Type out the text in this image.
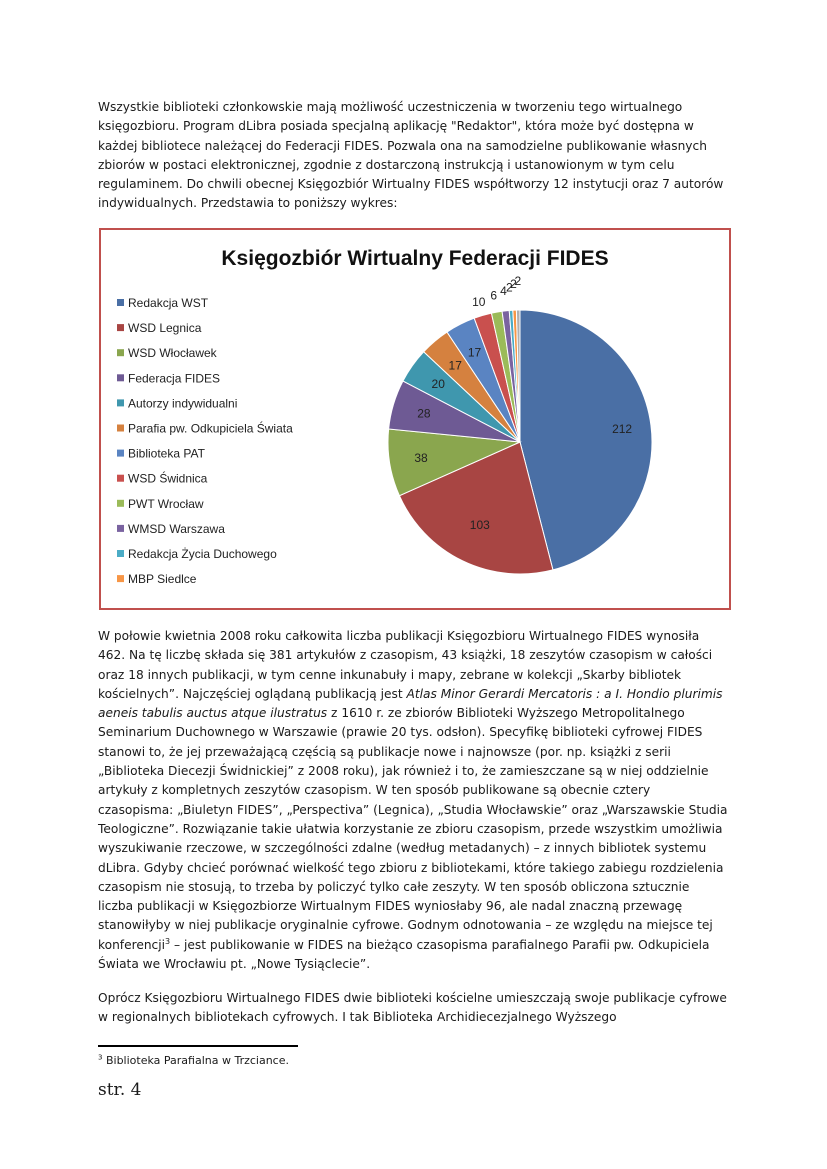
Wszystkie biblioteki członkowskie mają możliwość uczestniczenia w tworzeniu tego wirtualnego księgozbioru. Program dLibra posiada specjalną aplikację "Redaktor", która może być dostępna w każdej bibliotece należącej do Federacji FIDES. Pozwala ona na samodzielne publikowanie własnych zbiorów w postaci elektronicznej, zgodnie z dostarczoną instrukcją i ustanowionym w tym celu regulaminem. Do chwili obecnej Księgozbiór Wirtualny FIDES współtworzy 12 instytucji oraz 7 autorów indywidualnych. Przedstawia to poniższy wykres:
Księgozbiór Wirtualny Federacji FIDES
Redakcja WST
WSD Legnica
WSD Włocławek
Federacja FIDES
Autorzy indywidualni
Parafia pw. Odkupiciela Świata
Biblioteka PAT
WSD Świdnica
PWT Wrocław
WMSD Warszawa
Redakcja Życia Duchowego
MBP Siedlce
212
103
38
28
20
17
17
10 6 4 2
2
2
W połowie kwietnia 2008 roku całkowita liczba publikacji Księgozbioru Wirtualnego FIDES wynosiła 462. Na tę liczbę składa się 381 artykułów z czasopism, 43 książki, 18 zeszytów czasopism w całości oraz 18 innych publikacji, w tym cenne inkunabuły i mapy, zebrane w kolekcji „Skarby bibliotek kościelnych”. Najczęściej oglądaną publikacją jest Atlas Minor Gerardi Mercatoris : a I. Hondio plurimis aeneis tabulis auctus atque ilustratus z 1610 r. ze zbiorów Biblioteki Wyższego Metropolitalnego Seminarium Duchownego w Warszawie (prawie 20 tys. odsłon). Specyfikę biblioteki cyfrowej FIDES stanowi to, że jej przeważającą częścią są publikacje nowe i najnowsze (por. np. książki z serii „Biblioteka Diecezji Świdnickiej” z 2008 roku), jak również i to, że zamieszczane są w niej oddzielnie artykuły z kompletnych zeszytów czasopism. W ten sposób publikowane są obecnie cztery czasopisma: „Biuletyn FIDES”, „Perspectiva” (Legnica), „Studia Włocławskie” oraz „Warszawskie Studia Teologiczne”. Rozwiązanie takie ułatwia korzystanie ze zbioru czasopism, przede wszystkim umożliwia wyszukiwanie rzeczowe, w szczególności zdalne (według metadanych) – z innych bibliotek systemu dLibra. Gdyby chcieć porównać wielkość tego zbioru z bibliotekami, które takiego zabiegu rozdzielenia czasopism nie stosują, to trzeba by policzyć tylko całe zeszyty. W ten sposób obliczona sztucznie liczba publikacji w Księgozbiorze Wirtualnym FIDES wyniosłaby 96, ale nadal znaczną przewagę stanowiłyby w niej publikacje oryginalnie cyfrowe. Godnym odnotowania – ze względu na miejsce tej konferencji$^3$ – jest publikowanie w FIDES na bieżąco czasopisma parafialnego Parafii pw. Odkupiciela Świata we Wrocławiu pt. „Nowe Tysiąclecie”.
Oprócz Księgozbioru Wirtualnego FIDES dwie biblioteki kościelne umieszczają swoje publikacje cyfrowe w regionalnych bibliotekach cyfrowych. I tak Biblioteka Archidiecezjalnego Wyższego
$^3$ Biblioteka Parafialna w Trzciance.
str. 4
